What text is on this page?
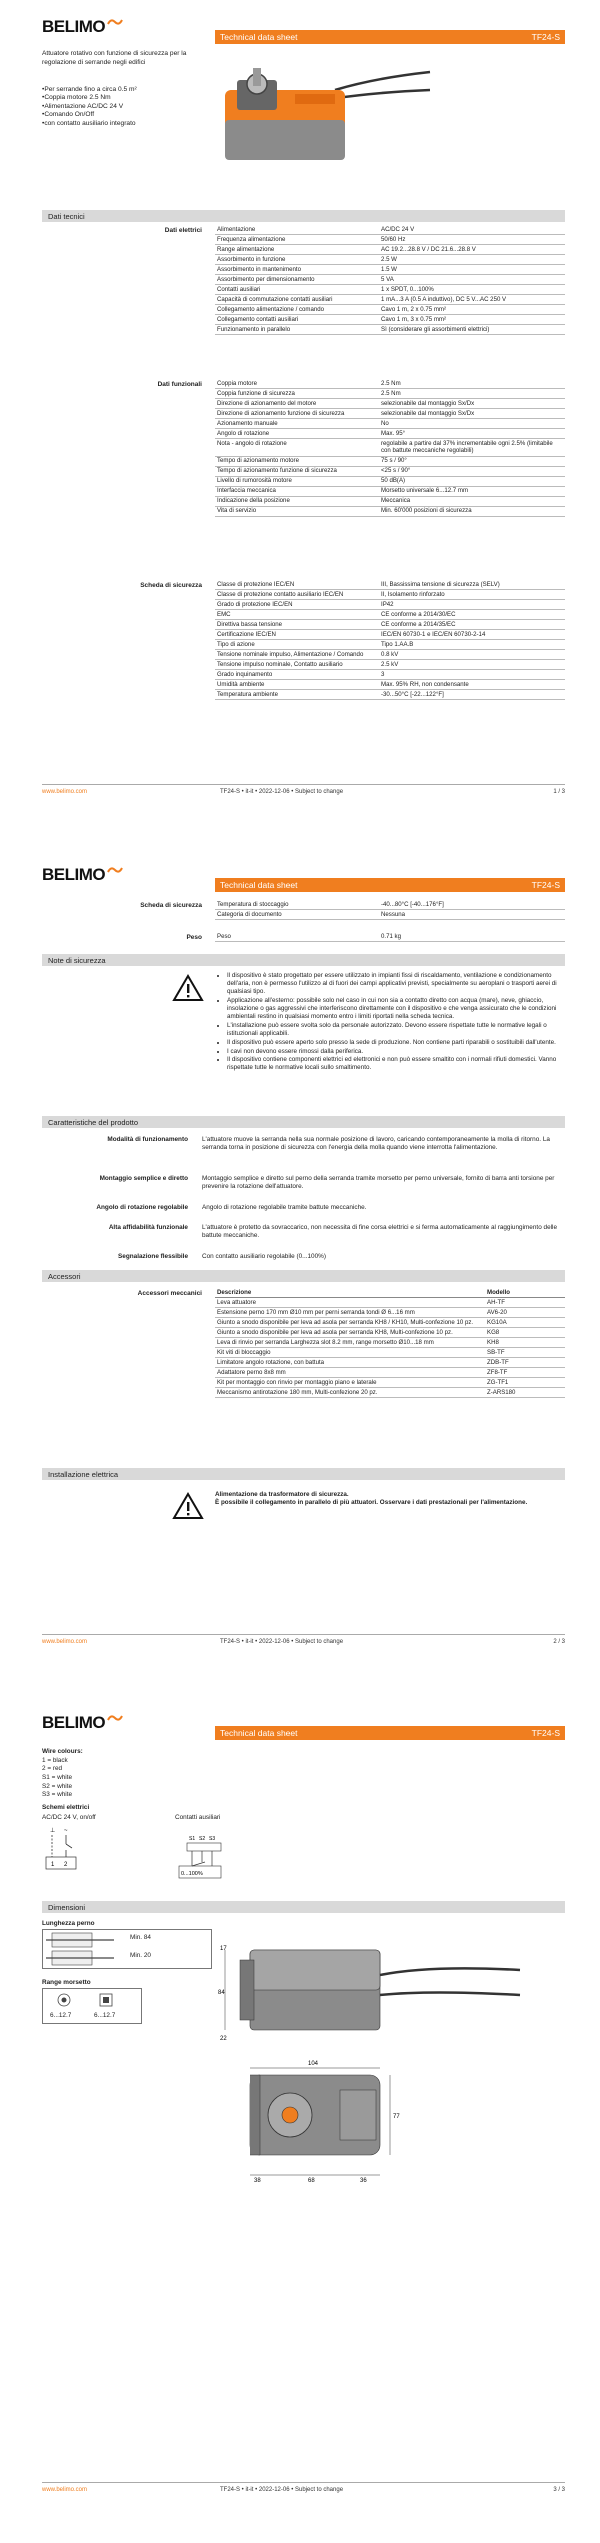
BELIMO
Technical data sheet	TF24-S
Attuatore rotativo con funzione di sicurezza per la regolazione di serrande negli edifici
• Per serrande fino a circa 0.5 m²
• Coppia motore 2.5 Nm
• Alimentazione AC/DC 24 V
• Comando On/Off
• con contatto ausiliario integrato
Dati tecnici
Dati elettrici Alimentazione	AC/DC 24 V
Frequenza alimentazione	50/60 Hz
Range alimentazione	AC 19.2...28.8 V / DC 21.6...28.8 V
Assorbimento in funzione	2.5 W
Assorbimento in mantenimento	1.5 W
Assorbimento per dimensionamento	5 VA
Contatti ausiliari	1 x SPDT, 0...100%
Capacità di commutazione contatti ausiliari	1 mA...3 A (0.5 A induttivo), DC 5 V...AC 250 V
Collegamento alimentazione / comando	Cavo 1 m, 2 x 0.75 mm²
Collegamento contatti ausiliari	Cavo 1 m, 3 x 0.75 mm²
Funzionamento in parallelo	Sì (considerare gli assorbimenti elettrici)
Dati funzionali Coppia motore	2.5 Nm
Coppia funzione di sicurezza	2.5 Nm
Direzione di azionamento del motore	selezionabile dal montaggio Sx/Dx
Direzione di azionamento funzione di sicurezza	selezionabile dal montaggio Sx/Dx
Azionamento manuale	No
Angolo di rotazione	Max. 95°
Nota - angolo di rotazione	regolabile a partire dal 37% incrementabile ogni 2.5% (limitabile con battute meccaniche regolabili)
Tempo di azionamento motore	75 s / 90°
Tempo di azionamento funzione di sicurezza	<25 s / 90°
Livello di rumorosità motore	50 dB(A)
Interfaccia meccanica	Morsetto universale 6...12.7 mm
Indicazione della posizione	Meccanica
Vita di servizio	Min. 60'000 posizioni di sicurezza
Scheda di sicurezza Classe di protezione IEC/EN	III, Bassissima tensione di sicurezza (SELV)
Classe di protezione contatto ausiliario IEC/EN	II, Isolamento rinforzato
Grado di protezione IEC/EN	IP42
EMC	CE conforme a 2014/30/EC
Direttiva bassa tensione	CE conforme a 2014/35/EC
Certificazione IEC/EN	IEC/EN 60730-1 e IEC/EN 60730-2-14
Tipo di azione	Tipo 1.AA.B
Tensione nominale impulso, Alimentazione / Comando	0.8 kV
Tensione impulso nominale, Contatto ausiliario	2.5 kV
Grado inquinamento	3
Umidità ambiente	Max. 95% RH, non condensante
Temperatura ambiente	-30...50°C [-22...122°F]
www.belimo.com	TF24-S • it-it • 2022-12-06 • Subject to change	1 / 3
BELIMO
Technical data sheet	TF24-S
Scheda di sicurezza Temperatura di stoccaggio	-40...80°C [-40...176°F]
Categoria di documento	Nessuna
Peso Peso	0.71 kg
Note di sicurezza
• Il dispositivo è stato progettato per essere utilizzato in impianti fissi di riscaldamento, ventilazione e condizionamento dell'aria, non è permesso l'utilizzo al di fuori dei campi applicativi previsti, specialmente su aeroplani o trasporti aerei di qualsiasi tipo.
• Applicazione all'esterno: possibile solo nel caso in cui non sia a contatto diretto con acqua (mare), neve, ghiaccio, insolazione o gas aggressivi che interferiscono direttamente con il dispositivo e che venga assicurato che le condizioni ambientali restino in qualsiasi momento entro i limiti riportati nella scheda tecnica.
• L'installazione può essere svolta solo da personale autorizzato. Devono essere rispettate tutte le normative legali o istituzionali applicabili.
• Il dispositivo può essere aperto solo presso la sede di produzione. Non contiene parti riparabili o sostituibili dall'utente.
• I cavi non devono essere rimossi dalla periferica.
• Il dispositivo contiene componenti elettrici ed elettronici e non può essere smaltito con i normali rifiuti domestici. Vanno rispettate tutte le normative locali sullo smaltimento.
Caratteristiche del prodotto
Modalità di funzionamento	L'attuatore muove la serranda nella sua normale posizione di lavoro, caricando contemporaneamente la molla di ritorno. La serranda torna in posizione di sicurezza con l'energia della molla quando viene interrotta l'alimentazione.
Montaggio semplice e diretto	Montaggio semplice e diretto sul perno della serranda tramite morsetto per perno universale, fornito di barra anti torsione per prevenire la rotazione dell'attuatore.
Angolo di rotazione regolabile	Angolo di rotazione regolabile tramite battute meccaniche.
Alta affidabilità funzionale	L'attuatore è protetto da sovraccarico, non necessita di fine corsa elettrici e si ferma automaticamente al raggiungimento delle battute meccaniche.
Segnalazione flessibile	Con contatto ausiliario regolabile (0...100%)
Accessori
Accessori meccanici Descrizione	Modello
Leva attuatore	AH-TF
Estensione perno 170 mm Ø10 mm per perni serranda tondi Ø 6...16 mm	AV6-20
Giunto a snodo disponibile per leva ad asola per serranda KH8 / KH10, Multi-confezione 10 pz.	KG10A
Giunto a snodo disponibile per leva ad asola per serranda KH8, Multi-confezione 10 pz.	KG8
Leva di rinvio per serranda Larghezza slot 8.2 mm, range morsetto Ø10...18 mm	KH8
Kit viti di bloccaggio	SB-TF
Limitatore angolo rotazione, con battuta	ZDB-TF
Adattatore perno 8x8 mm	ZF8-TF
Kit per montaggio con rinvio per montaggio piano e laterale	ZG-TF1
Meccanismo antirotazione 180 mm, Multi-confezione 20 pz.	Z-ARS180
Installazione elettrica
Alimentazione da trasformatore di sicurezza.
È possibile il collegamento in parallelo di più attuatori. Osservare i dati prestazionali per l'alimentazione.
www.belimo.com	TF24-S • it-it • 2022-12-06 • Subject to change	2 / 3
BELIMO
Technical data sheet	TF24-S
Wire colours:
1 = black
2 = red
S1 = white
S2 = white
S3 = white
Schemi elettrici
AC/DC 24 V, on/off	Contatti ausiliari
⊥ ~
1 2
S1 S2 S3
0...100%
Dimensioni
Lunghezza perno
Min. 84
Min. 20
Range morsetto
6...12.7	6...12.7
84
17
22
104
77
38	68	36
www.belimo.com	TF24-S • it-it • 2022-12-06 • Subject to change	3 / 3
